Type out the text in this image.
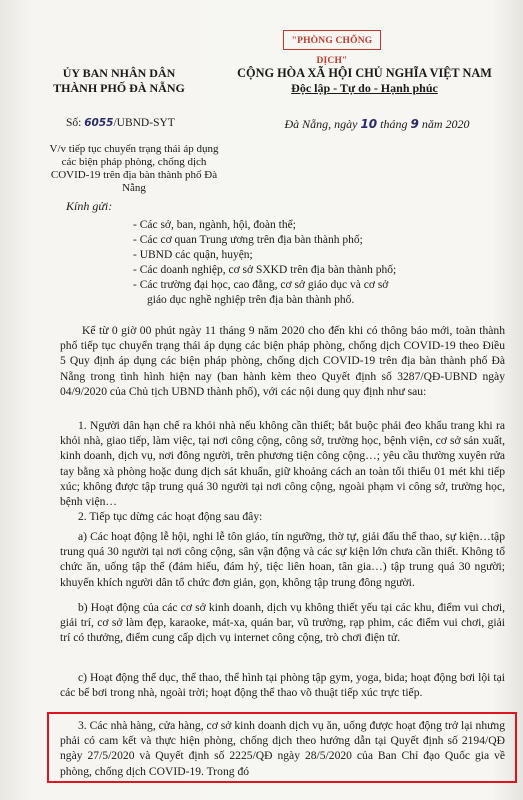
"PHÒNG CHỐNG DỊCH"
ỦY BAN NHÂN DÂN
THÀNH PHỐ ĐÀ NẴNG
CỘNG HÒA XÃ HỘI CHỦ NGHĨA VIỆT NAM
Độc lập - Tự do - Hạnh phúc
Số: 6055/UBND-SYT	Đà Nẵng, ngày 10 tháng 9 năm 2020
V/v tiếp tục chuyển trạng thái áp dụng các biện pháp phòng, chống dịch COVID-19 trên địa bàn thành phố Đà Nẵng
Kính gửi:
- Các sở, ban, ngành, hội, đoàn thể;
- Các cơ quan Trung ương trên địa bàn thành phố;
- UBND các quận, huyện;
- Các doanh nghiệp, cơ sở SXKD trên địa bàn thành phố;
- Các trường đại học, cao đẳng, cơ sở giáo dục và cơ sở
giáo dục nghề nghiệp trên địa bàn thành phố.
Kể từ 0 giờ 00 phút ngày 11 tháng 9 năm 2020 cho đến khi có thông báo mới, toàn thành phố tiếp tục chuyển trạng thái áp dụng các biện pháp phòng, chống dịch COVID-19 theo Điều 5 Quy định áp dụng các biện pháp phòng, chống dịch COVID-19 trên địa bàn thành phố Đà Nẵng trong tình hình hiện nay (ban hành kèm theo Quyết định số 3287/QĐ-UBND ngày 04/9/2020 của Chủ tịch UBND thành phố), với các nội dung quy định như sau:
1. Người dân hạn chế ra khỏi nhà nếu không cần thiết; bắt buộc phải đeo khẩu trang khi ra khỏi nhà, giao tiếp, làm việc, tại nơi công cộng, công sở, trường học, bệnh viện, cơ sở sản xuất, kinh doanh, dịch vụ, nơi đông người, trên phương tiện công cộng…; yêu cầu thường xuyên rửa tay bằng xà phòng hoặc dung dịch sát khuẩn, giữ khoảng cách an toàn tối thiểu 01 mét khi tiếp xúc; không được tập trung quá 30 người tại nơi công cộng, ngoài phạm vi công sở, trường học, bệnh viện…
2. Tiếp tục dừng các hoạt động sau đây:
a) Các hoạt động lễ hội, nghi lễ tôn giáo, tín ngưỡng, thờ tự, giải đấu thể thao, sự kiện…tập trung quá 30 người tại nơi công cộng, sân vận động và các sự kiện lớn chưa cần thiết. Không tổ chức ăn, uống tập thể (đám hiếu, đám hỷ, tiệc liên hoan, tân gia…) tập trung quá 30 người; khuyến khích người dân tổ chức đơn giản, gọn, không tập trung đông người.
b) Hoạt động của các cơ sở kinh doanh, dịch vụ không thiết yếu tại các khu, điểm vui chơi, giải trí, cơ sở làm đẹp, karaoke, mát-xa, quán bar, vũ trường, rạp phim, các điểm vui chơi, giải trí có thưởng, điểm cung cấp dịch vụ internet công cộng, trò chơi điện tử.
c) Hoạt động thể dục, thể thao, thể hình tại phòng tập gym, yoga, bida; hoạt động bơi lội tại các bể bơi trong nhà, ngoài trời; hoạt động thể thao võ thuật tiếp xúc trực tiếp.
3. Các nhà hàng, cửa hàng, cơ sở kinh doanh dịch vụ ăn, uống được hoạt động trở lại nhưng phải có cam kết và thực hiện phòng, chống dịch theo hướng dẫn tại Quyết định số 2194/QĐ ngày 27/5/2020 và Quyết định số 2225/QĐ ngày 28/5/2020 của Ban Chỉ đạo Quốc gia về phòng, chống dịch COVID-19. Trong đó
